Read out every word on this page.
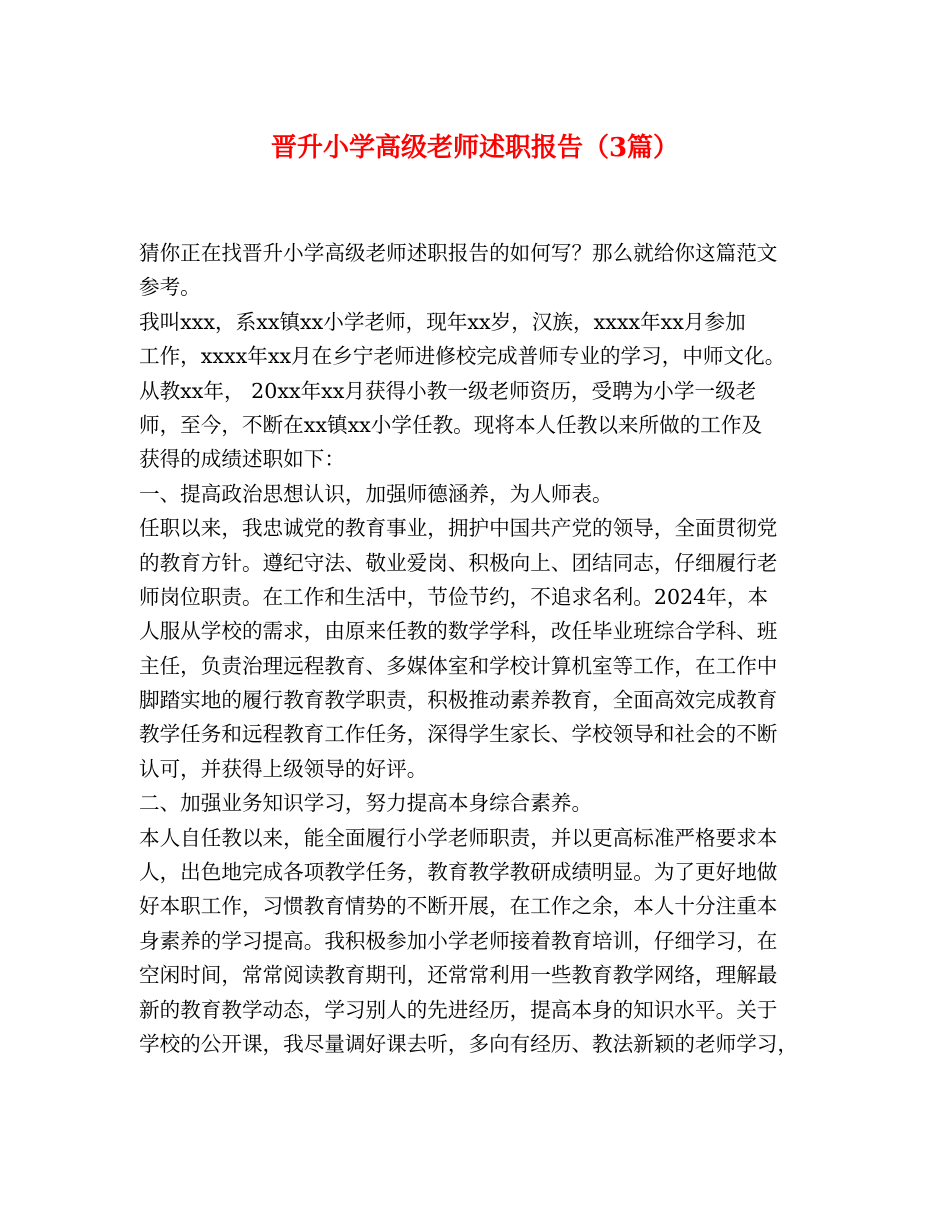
晋升小学高级老师述职报告（3篇）
猜你正在找晋升小学高级老师述职报告的如何写？那么就给你这篇范文
参考。
我叫xxx，系xx镇xx小学老师，现年xx岁，汉族，xxxx年xx月参加
工作，xxxx年xx月在乡宁老师进修校完成普师专业的学习，中师文化。
从教xx年， 20xx年xx月获得小教一级老师资历，受聘为小学一级老
师，至今，不断在xx镇xx小学任教。现将本人任教以来所做的工作及
获得的成绩述职如下：
一、提高政治思想认识，加强师德涵养，为人师表。
任职以来，我忠诚党的教育事业，拥护中国共产党的领导，全面贯彻党
的教育方针。遵纪守法、敬业爱岗、积极向上、团结同志，仔细履行老
师岗位职责。在工作和生活中，节俭节约，不追求名利。2024年，本
人服从学校的需求，由原来任教的数学学科，改任毕业班综合学科、班
主任，负责治理远程教育、多媒体室和学校计算机室等工作，在工作中
脚踏实地的履行教育教学职责，积极推动素养教育，全面高效完成教育
教学任务和远程教育工作任务，深得学生家长、学校领导和社会的不断
认可，并获得上级领导的好评。
二、加强业务知识学习，努力提高本身综合素养。
本人自任教以来，能全面履行小学老师职责，并以更高标准严格要求本
人，出色地完成各项教学任务，教育教学教研成绩明显。为了更好地做
好本职工作，习惯教育情势的不断开展，在工作之余，本人十分注重本
身素养的学习提高。我积极参加小学老师接着教育培训，仔细学习，在
空闲时间，常常阅读教育期刊，还常常利用一些教育教学网络，理解最
新的教育教学动态，学习别人的先进经历，提高本身的知识水平。关于
学校的公开课，我尽量调好课去听，多向有经历、教法新颖的老师学习，
